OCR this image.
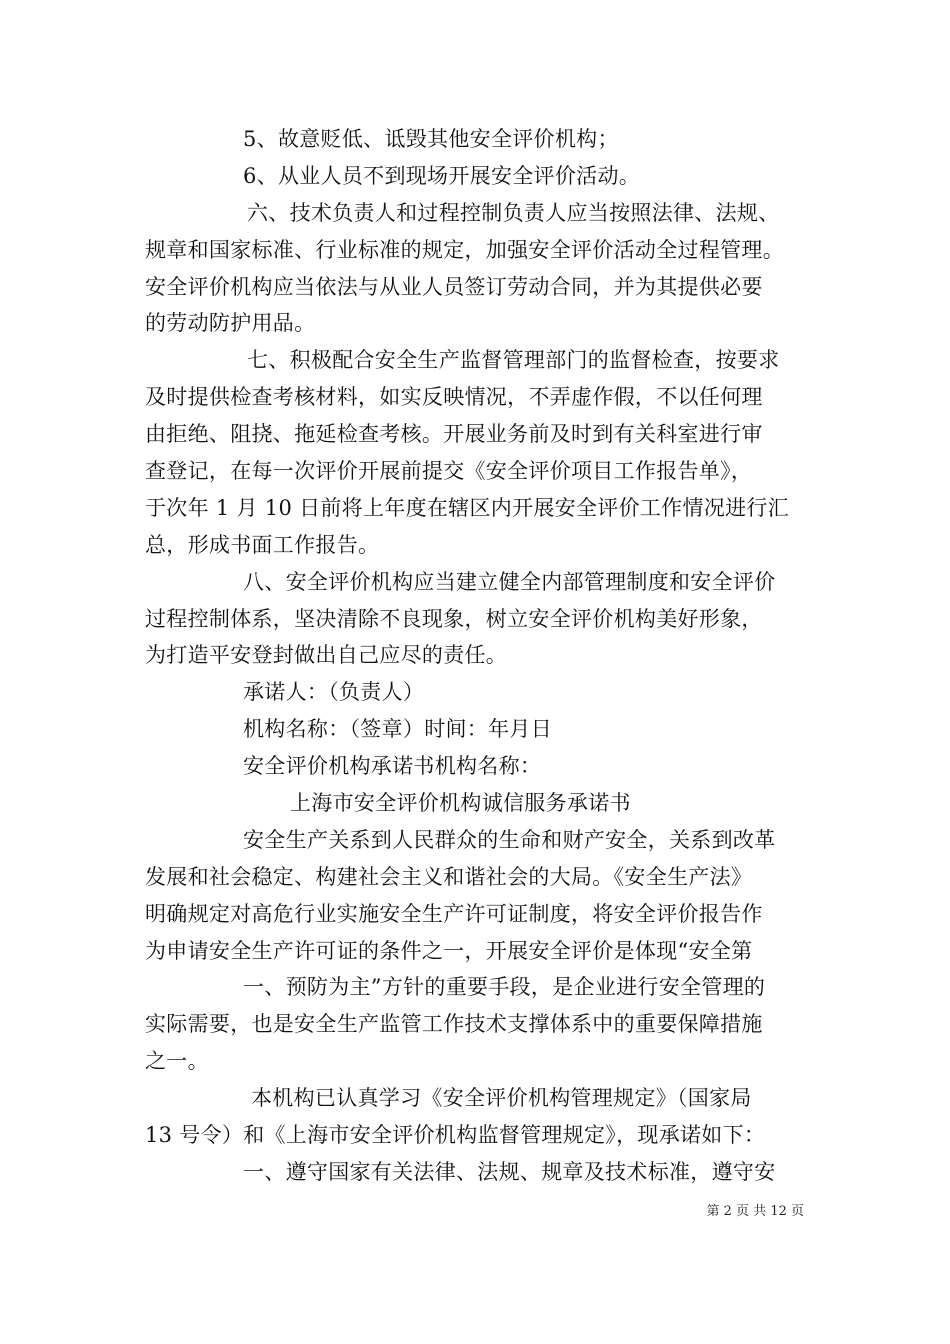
5、故意贬低、诋毁其他安全评价机构；
6、从业人员不到现场开展安全评价活动。
六、技术负责人和过程控制负责人应当按照法律、法规、
规章和国家标准、行业标准的规定，加强安全评价活动全过程管理。
安全评价机构应当依法与从业人员签订劳动合同，并为其提供必要
的劳动防护用品。
七、积极配合安全生产监督管理部门的监督检查，按要求
及时提供检查考核材料，如实反映情况，不弄虚作假，不以任何理
由拒绝、阻挠、拖延检查考核。开展业务前及时到有关科室进行审
查登记，在每一次评价开展前提交《安全评价项目工作报告单》，
于次年 1 月 10 日前将上年度在辖区内开展安全评价工作情况进行汇
总，形成书面工作报告。
八、安全评价机构应当建立健全内部管理制度和安全评价
过程控制体系，坚决清除不良现象，树立安全评价机构美好形象，
为打造平安登封做出自己应尽的责任。
承诺人：（负责人）
机构名称：（签章）时间：年月日
安全评价机构承诺书机构名称：
上海市安全评价机构诚信服务承诺书
安全生产关系到人民群众的生命和财产安全，关系到改革
发展和社会稳定、构建社会主义和谐社会的大局。《安全生产法》
明确规定对高危行业实施安全生产许可证制度，将安全评价报告作
为申请安全生产许可证的条件之一，开展安全评价是体现“安全第
一、预防为主”方针的重要手段，是企业进行安全管理的
实际需要，也是安全生产监管工作技术支撑体系中的重要保障措施
之一。
本机构已认真学习《安全评价机构管理规定》（国家局
13 号令）和《上海市安全评价机构监督管理规定》，现承诺如下：
一、遵守国家有关法律、法规、规章及技术标准，遵守安
第 2 页 共 12 页
